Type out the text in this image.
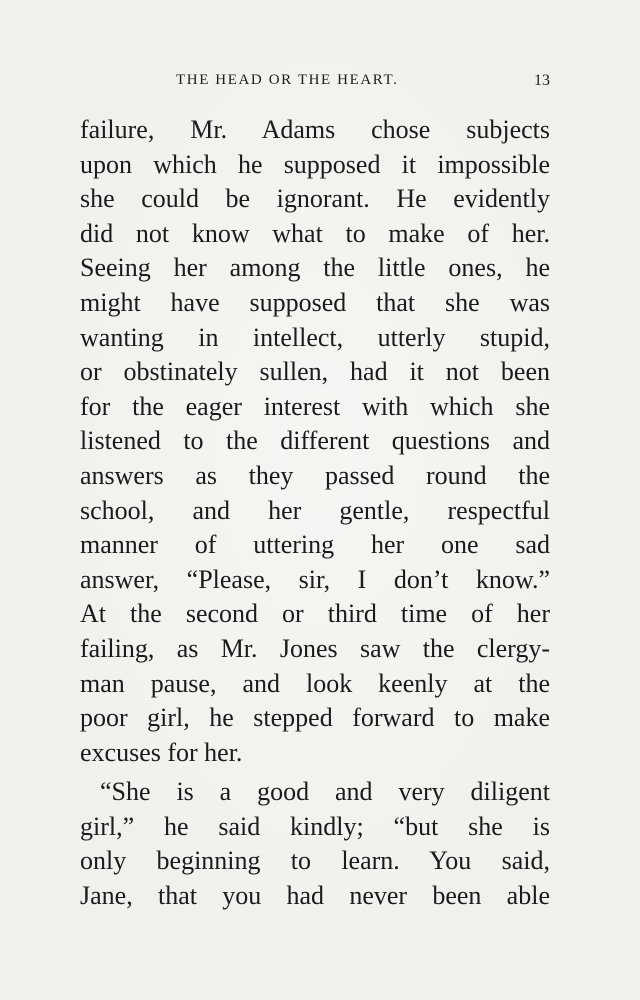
THE HEAD OR THE HEART.	13
failure, Mr. Adams chose subjects
upon which he supposed it impossible
she could be ignorant. He evidently
did not know what to make of her.
Seeing her among the little ones, he
might have supposed that she was
wanting in intellect, utterly stupid,
or obstinately sullen, had it not been
for the eager interest with which she
listened to the different questions and
answers as they passed round the
school, and her gentle, respectful
manner of uttering her one sad
answer, “Please, sir, I don’t know.”
At the second or third time of her
failing, as Mr. Jones saw the clergy-
man pause, and look keenly at the
poor girl, he stepped forward to make
excuses for her.
“She is a good and very diligent
girl,” he said kindly; “but she is
only beginning to learn. You said,
Jane, that you had never been able
